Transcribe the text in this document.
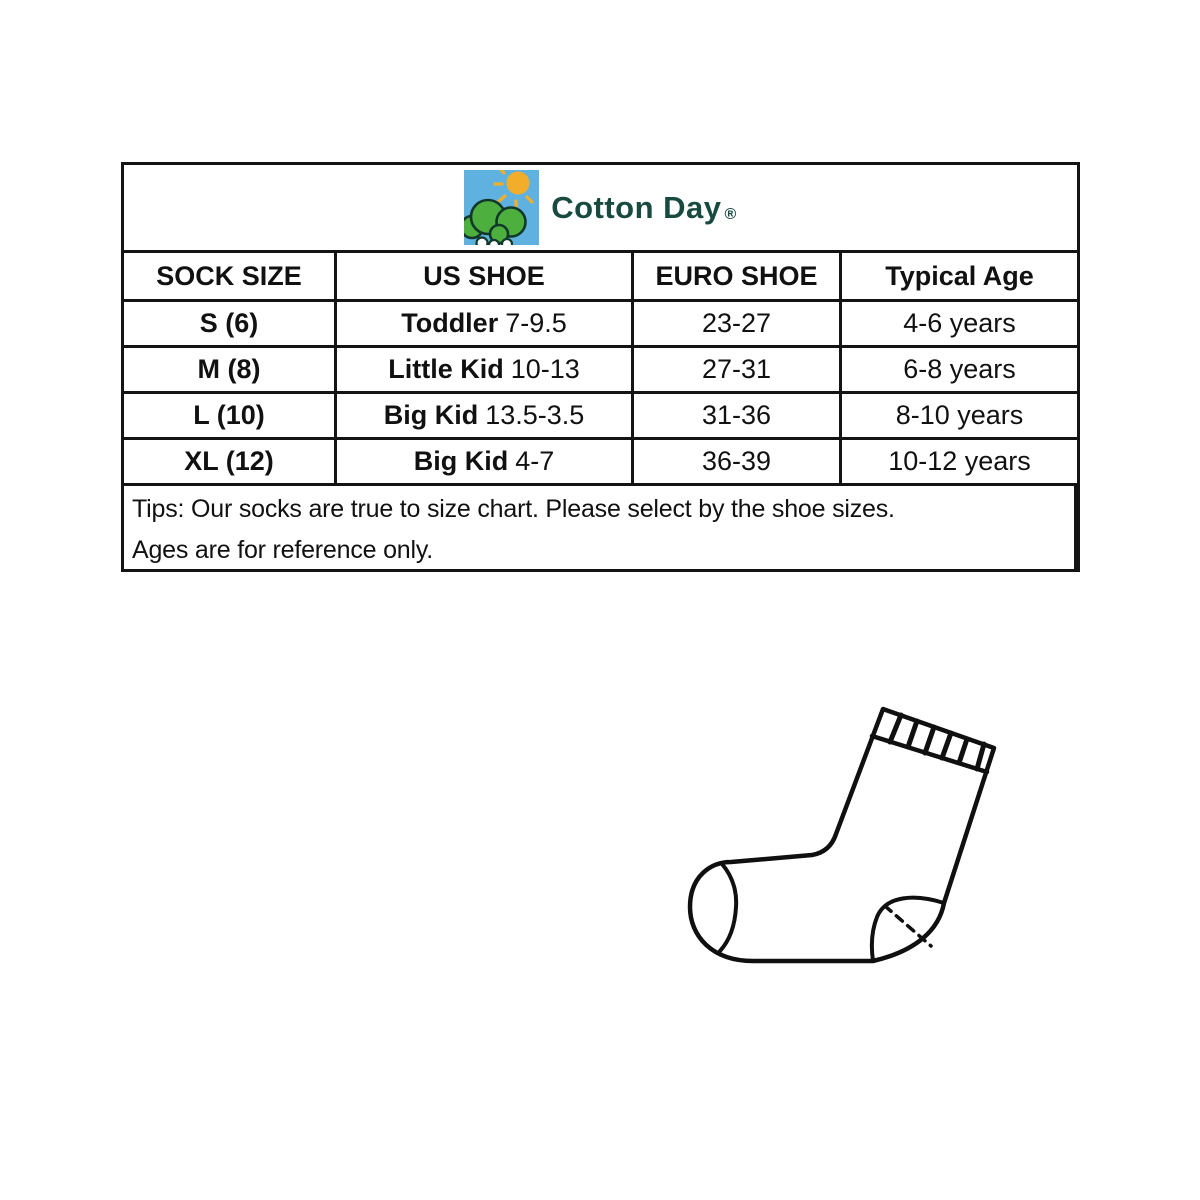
Cotton Day ®
SOCK SIZE	US SHOE	EURO SHOE	Typical Age
S (6)	Toddler 7-9.5	23-27	4-6 years
M (8)	Little Kid 10-13	27-31	6-8 years
L (10)	Big Kid 13.5-3.5	31-36	8-10 years
XL (12)	Big Kid 4-7	36-39	10-12 years
Tips: Our socks are true to size chart. Please select by the shoe sizes.
Ages are for reference only.
